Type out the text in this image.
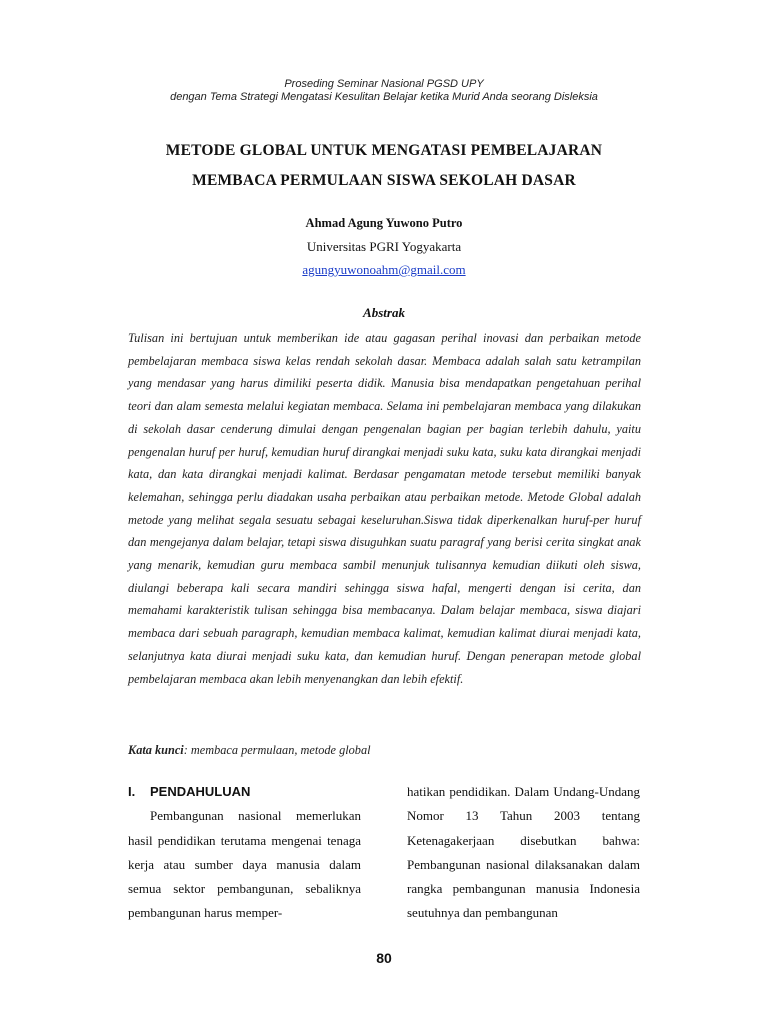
Proseding Seminar Nasional PGSD UPY
dengan Tema Strategi Mengatasi Kesulitan Belajar ketika Murid Anda seorang Disleksia
METODE GLOBAL UNTUK MENGATASI PEMBELAJARAN
MEMBACA PERMULAAN SISWA SEKOLAH DASAR
Ahmad Agung Yuwono Putro
Universitas PGRI Yogyakarta
agungyuwonoahm@gmail.com
Abstrak

Tulisan ini bertujuan untuk memberikan ide atau gagasan perihal inovasi dan perbaikan metode pembelajaran membaca siswa kelas rendah sekolah dasar. Membaca adalah salah satu ketrampilan yang mendasar yang harus dimiliki peserta didik. Manusia bisa mendapatkan pengetahuan perihal teori dan alam semesta melalui kegiatan membaca. Selama ini pembelajaran membaca yang dilakukan di sekolah dasar cenderung dimulai dengan pengenalan bagian per bagian terlebih dahulu, yaitu pengenalan huruf per huruf, kemudian huruf dirangkai menjadi suku kata, suku kata dirangkai menjadi kata, dan kata dirangkai menjadi kalimat. Berdasar pengamatan metode tersebut memiliki banyak kelemahan, sehingga perlu diadakan usaha perbaikan atau perbaikan metode. Metode Global adalah metode yang melihat segala sesuatu sebagai keseluruhan.Siswa tidak diperkenalkan huruf-per huruf dan mengejanya dalam belajar, tetapi siswa disuguhkan suatu paragraf yang berisi cerita singkat anak yang menarik, kemudian guru membaca sambil menunjuk tulisannya kemudian diikuti oleh siswa, diulangi beberapa kali secara mandiri sehingga siswa hafal, mengerti dengan isi cerita, dan memahami karakteristik tulisan sehingga bisa membacanya. Dalam belajar membaca, siswa diajari membaca dari sebuah paragraph, kemudian membaca kalimat, kemudian kalimat diurai menjadi kata, selanjutnya kata diurai menjadi suku kata, dan kemudian huruf. Dengan penerapan metode global pembelajaran membaca akan lebih menyenangkan dan lebih efektif.

Kata kunci: membaca permulaan, metode global
I. PENDAHULUAN

Pembangunan nasional memerlukan hasil pendidikan terutama mengenai tenaga kerja atau sumber daya manusia dalam semua sektor pembangunan, sebaliknya pembangunan harus memper-

hatikan pendidikan. Dalam Undang-Undang Nomor 13 Tahun 2003 tentang Ketenagakerjaan disebutkan bahwa: Pembangunan nasional dilaksanakan dalam rangka pembangunan manusia Indonesia seutuhnya dan pembangunan

80
